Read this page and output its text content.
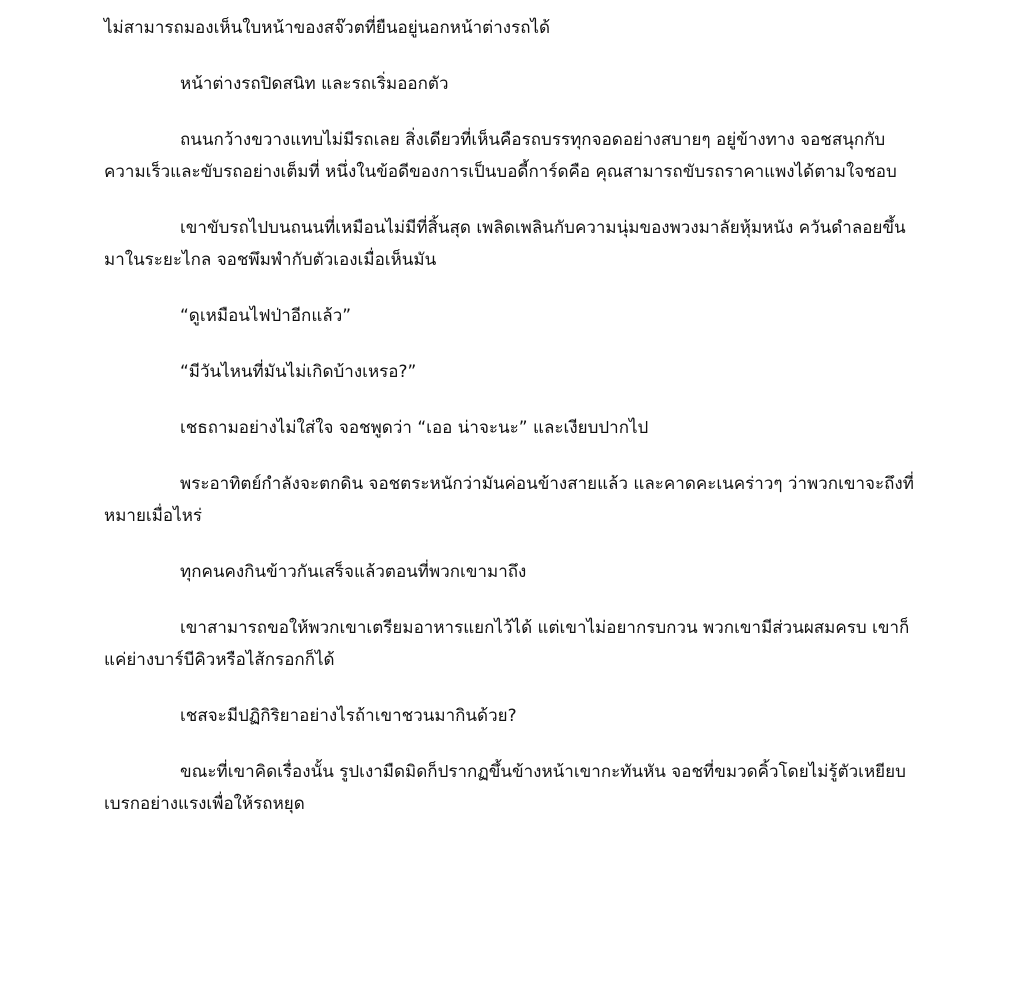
ไม่สามารถมองเห็นใบหน้าของสจ๊วตที่ยืนอยู่นอกหน้าต่างรถได้

หน้าต่างรถปิดสนิท และรถเริ่มออกตัว

ถนนกว้างขวางแทบไม่มีรถเลย สิ่งเดียวที่เห็นคือรถบรรทุกจอดอย่างสบายๆ อยู่ข้างทาง จอชสนุกกับความเร็วและขับรถอย่างเต็มที่ หนึ่งในข้อดีของการเป็นบอดี้การ์ดคือ คุณสามารถขับรถราคาแพงได้ตามใจชอบ

เขาขับรถไปบนถนนที่เหมือนไม่มีที่สิ้นสุด เพลิดเพลินกับความนุ่มของพวงมาลัยหุ้มหนัง ควันดำลอยขึ้นมาในระยะไกล จอชพึมพำกับตัวเองเมื่อเห็นมัน

“ดูเหมือนไฟป่าอีกแล้ว”

“มีวันไหนที่มันไม่เกิดบ้างเหรอ?”

เชธถามอย่างไม่ใส่ใจ จอชพูดว่า “เออ น่าจะนะ” และเงียบปากไป

พระอาทิตย์กำลังจะตกดิน จอชตระหนักว่ามันค่อนข้างสายแล้ว และคาดคะเนคร่าวๆ ว่าพวกเขาจะถึงที่หมายเมื่อไหร่

ทุกคนคงกินข้าวกันเสร็จแล้วตอนที่พวกเขามาถึง

เขาสามารถขอให้พวกเขาเตรียมอาหารแยกไว้ได้ แต่เขาไม่อยากรบกวน พวกเขามีส่วนผสมครบ เขาก็แค่ย่างบาร์บีคิวหรือไส้กรอกก็ได้

เชสจะมีปฏิกิริยาอย่างไรถ้าเขาชวนมากินด้วย?

ขณะที่เขาคิดเรื่องนั้น รูปเงามืดมิดก็ปรากฏขึ้นข้างหน้าเขากะทันหัน จอชที่ขมวดคิ้วโดยไม่รู้ตัวเหยียบเบรกอย่างแรงเพื่อให้รถหยุด
